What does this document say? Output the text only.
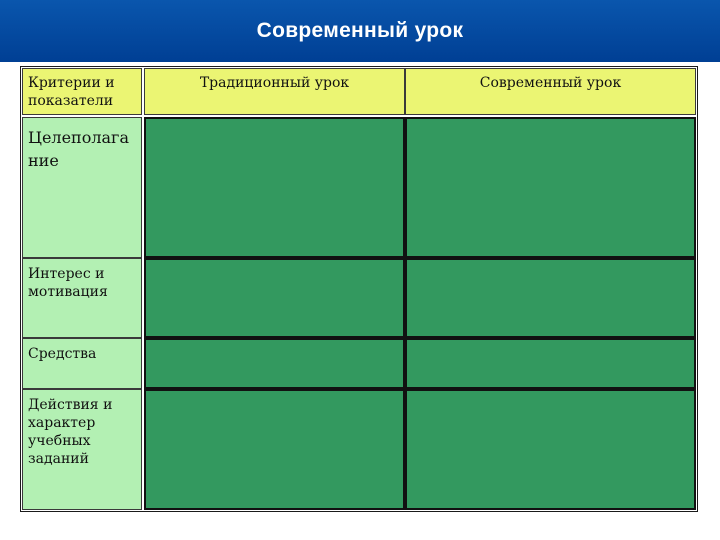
Современный урок
Критерии и показатели
Традиционный урок	Современный урок
Целеполага ние
Интерес и мотивация
Средства
Действия и характер учебных заданий
